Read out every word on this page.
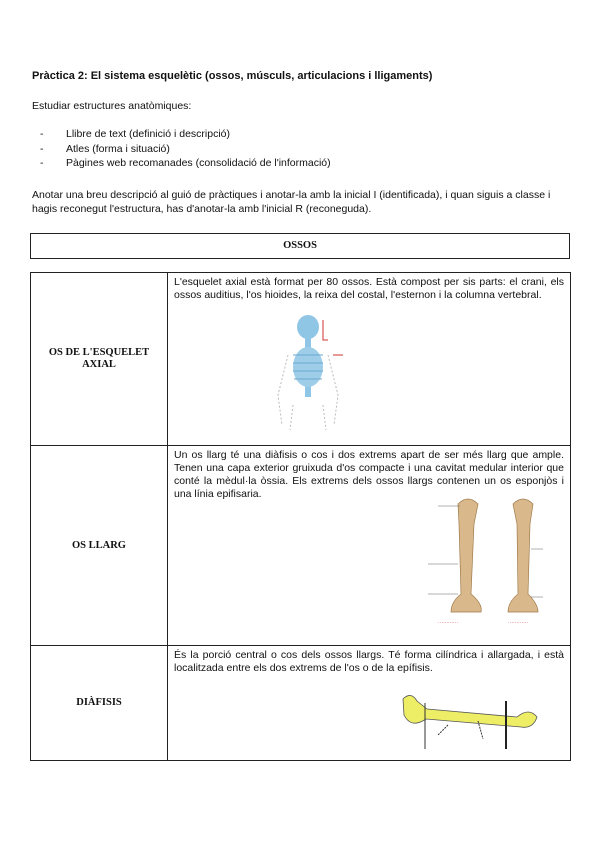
Pràctica 2: El sistema esquelètic (ossos, músculs, articulacions i lligaments)
Estudiar estructures anatòmiques:
- Llibre de text (definició i descripció)
- Atles (forma i situació)
- Pàgines web recomanades (consolidació de l'informació)
Anotar una breu descripció al guió de pràctiques i anotar-la amb la inicial I (identificada), i quan siguis a classe i hagis reconegut l'estructura, has d'anotar-la amb l'inicial R (reconeguda).
OSSOS
OS DE L'ESQUELET AXIAL	L'esquelet axial està format per 80 ossos. Està compost per sis parts: el crani, els ossos auditius, l'os hioides, la reixa del costal, l'esternon i la columna vertebral.

OS LLARG	Un os llarg té una diàfisis o cos i dos extrems apart de ser més llarg que ample. Tenen una capa exterior gruixuda d'os compacte i una cavitat medular interior que conté la mèdul·la òssia. Els extrems dels ossos llargs contenen un os esponjòs i una línia epifisaria.
············ ············

DIÀFISIS	És la porció central o cos dels ossos llargs. Té forma cilíndrica i allargada, i està localitzada entre els dos extrems de l'os o de la epífisis.
